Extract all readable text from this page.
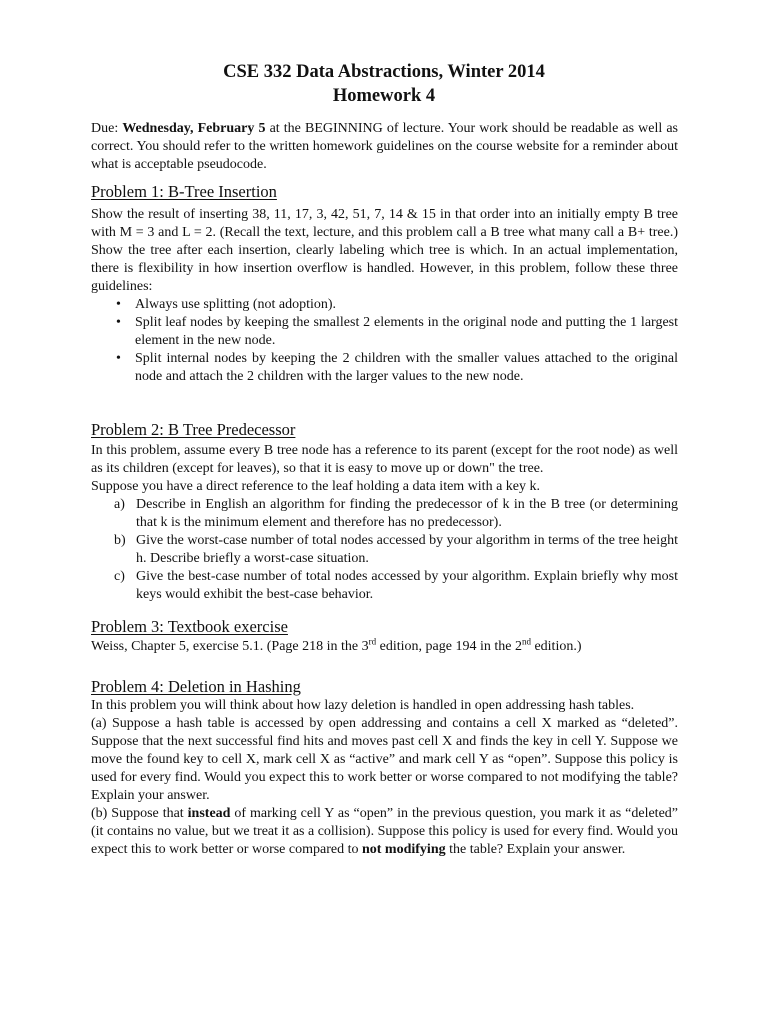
CSE 332 Data Abstractions, Winter 2014
Homework 4
Due: Wednesday, February 5 at the BEGINNING of lecture. Your work should be readable as well as correct. You should refer to the written homework guidelines on the course website for a reminder about what is acceptable pseudocode.
Problem 1: B-Tree Insertion
Show the result of inserting 38, 11, 17, 3, 42, 51, 7, 14 & 15 in that order into an initially empty B tree with M = 3 and L = 2. (Recall the text, lecture, and this problem call a B tree what many call a B+ tree.) Show the tree after each insertion, clearly labeling which tree is which. In an actual implementation, there is flexibility in how insertion overflow is handled. However, in this problem, follow these three guidelines:
• Always use splitting (not adoption).
• Split leaf nodes by keeping the smallest 2 elements in the original node and putting the 1 largest element in the new node.
• Split internal nodes by keeping the 2 children with the smaller values attached to the original node and attach the 2 children with the larger values to the new node.
Problem 2: B Tree Predecessor
In this problem, assume every B tree node has a reference to its parent (except for the root node) as well as its children (except for leaves), so that it is easy to move up or down" the tree.
Suppose you have a direct reference to the leaf holding a data item with a key k.
a) Describe in English an algorithm for finding the predecessor of k in the B tree (or determining that k is the minimum element and therefore has no predecessor).
b) Give the worst-case number of total nodes accessed by your algorithm in terms of the tree height h. Describe briefly a worst-case situation.
c) Give the best-case number of total nodes accessed by your algorithm. Explain briefly why most keys would exhibit the best-case behavior.
Problem 3: Textbook exercise
Weiss, Chapter 5, exercise 5.1. (Page 218 in the 3rd edition, page 194 in the 2nd edition.)
Problem 4: Deletion in Hashing
In this problem you will think about how lazy deletion is handled in open addressing hash tables.
(a) Suppose a hash table is accessed by open addressing and contains a cell X marked as “deleted”. Suppose that the next successful find hits and moves past cell X and finds the key in cell Y. Suppose we move the found key to cell X, mark cell X as “active” and mark cell Y as “open”. Suppose this policy is used for every find. Would you expect this to work better or worse compared to not modifying the table? Explain your answer.
(b) Suppose that instead of marking cell Y as “open” in the previous question, you mark it as “deleted” (it contains no value, but we treat it as a collision). Suppose this policy is used for every find. Would you expect this to work better or worse compared to not modifying the table? Explain your answer.
